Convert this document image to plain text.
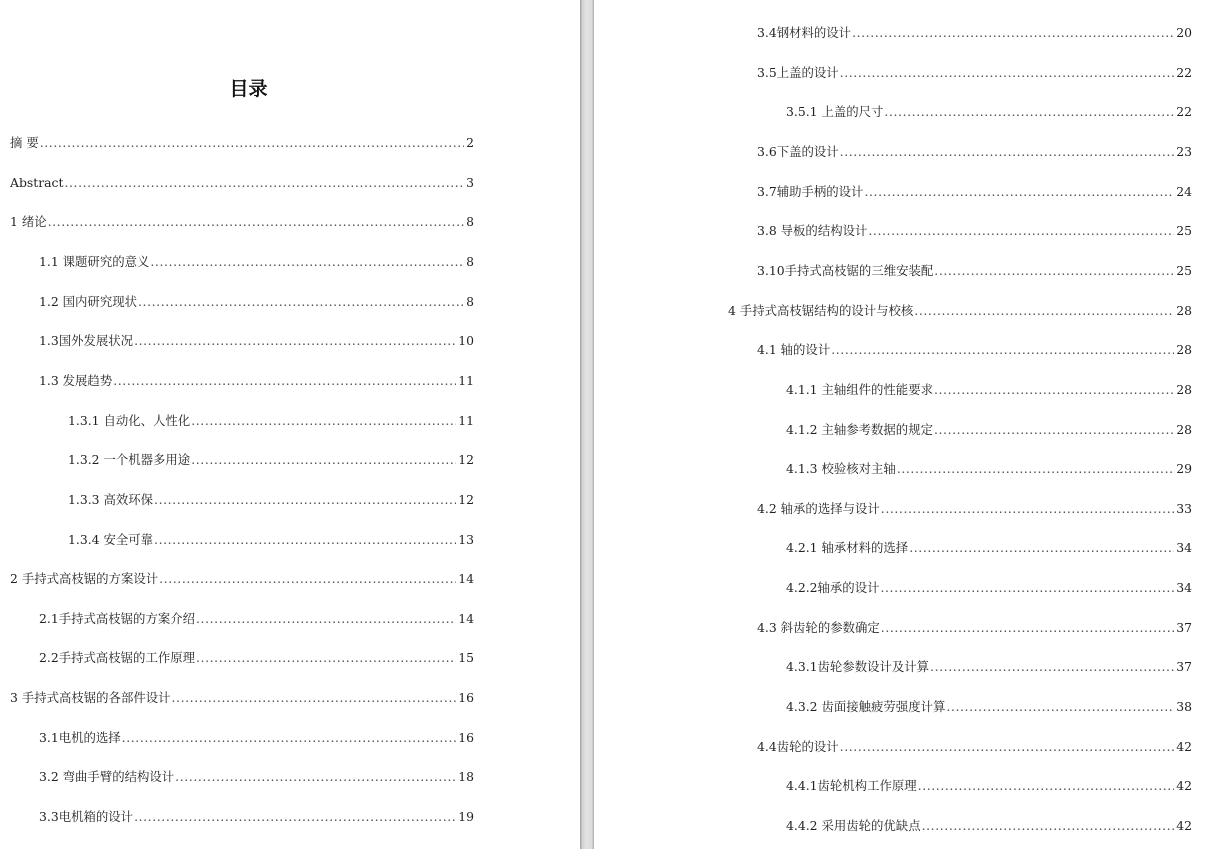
目录
摘 要 .....	2
Abstract .....	3
1 绪论 .....	8
1.1 课题研究的意义 .....	8
1.2 国内研究现状 .....	8
1.3国外发展状况 .....	10
1.3 发展趋势 .....	11
1.3.1 自动化、人性化 .....	11
1.3.2 一个机器多用途 .....	12
1.3.3 高效环保 .....	12
1.3.4 安全可靠 .....	13
2 手持式高枝锯的方案设计 .....	14
2.1手持式高枝锯的方案介绍 .....	14
2.2手持式高枝锯的工作原理 .....	15
3 手持式高枝锯的各部件设计 .....	16
3.1电机的选择 .....	16
3.2 弯曲手臂的结构设计 .....	18
3.3电机箱的设计 .....	19
3.4钢材料的设计 .....	20
3.5上盖的设计 .....	22
3.5.1 上盖的尺寸 .....	22
3.6下盖的设计 .....	23
3.7辅助手柄的设计 .....	24
3.8 导板的结构设计 .....	25
3.10手持式高枝锯的三维安装配 .....	25
4 手持式高枝锯结构的设计与校核 .....	28
4.1 轴的设计 .....	28
4.1.1 主轴组件的性能要求 .....	28
4.1.2 主轴参考数据的规定 .....	28
4.1.3 校验核对主轴 .....	29
4.2 轴承的选择与设计 .....	33
4.2.1 轴承材料的选择 .....	34
4.2.2轴承的设计 .....	34
4.3 斜齿轮的参数确定 .....	37
4.3.1齿轮参数设计及计算 .....	37
4.3.2 齿面接触疲劳强度计算 .....	38
4.4齿轮的设计 .....	42
4.4.1齿轮机构工作原理 .....	42
4.4.2 采用齿轮的优缺点 .....	42
